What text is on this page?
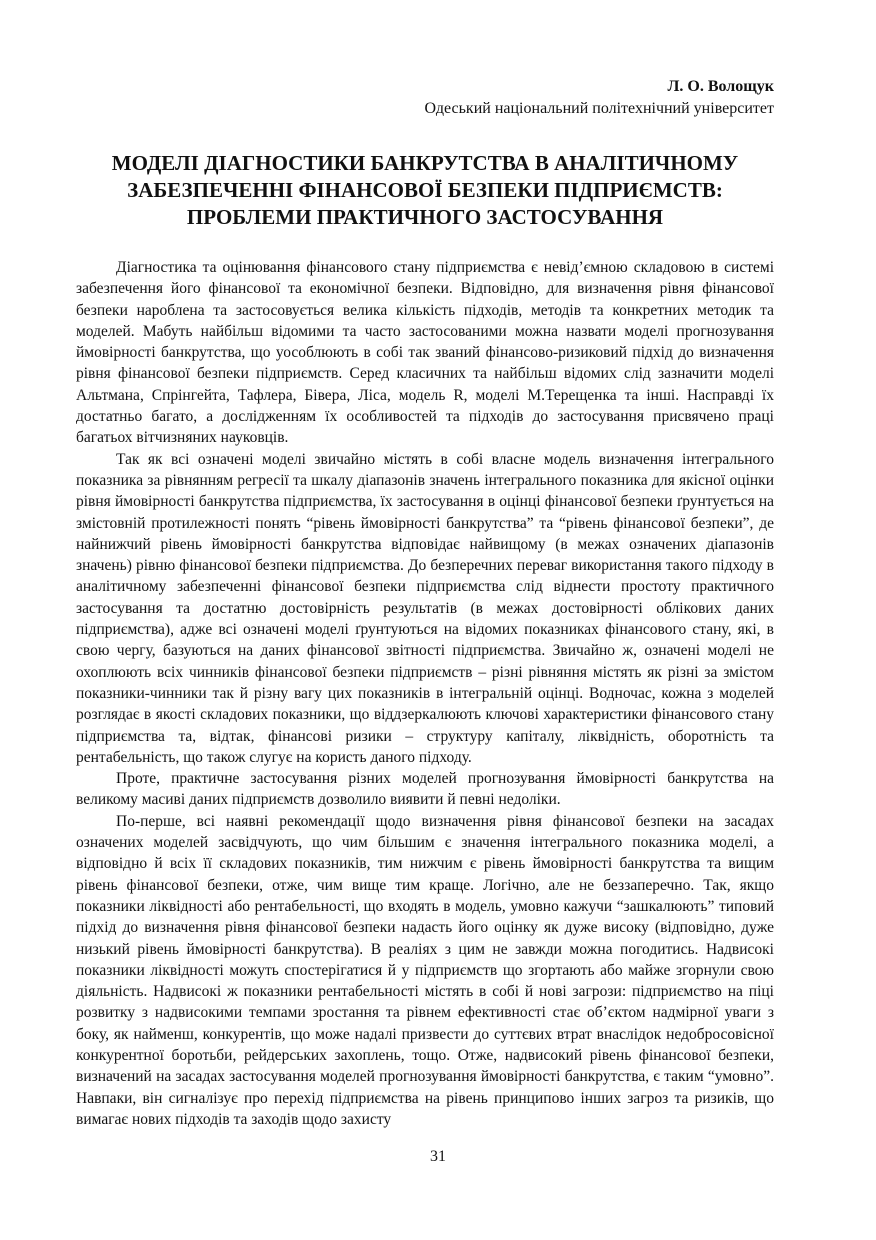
Л. О. Волощук

Одеський національний політехнічний університет

МОДЕЛІ ДІАГНОСТИКИ БАНКРУТСТВА В АНАЛІТИЧНОМУ ЗАБЕЗПЕЧЕННІ ФІНАНСОВОЇ БЕЗПЕКИ ПІДПРИЄМСТВ: ПРОБЛЕМИ ПРАКТИЧНОГО ЗАСТОСУВАННЯ

Діагностика та оцінювання фінансового стану підприємства є невід’ємною складовою в системі забезпечення його фінансової та економічної безпеки. Відповідно, для визначення рівня фінансової безпеки нароблена та застосовується велика кількість підходів, методів та конкретних методик та моделей. Мабуть найбільш відомими та часто застосованими можна назвати моделі прогнозування ймовірності банкрутства, що уособлюють в собі так званий фінансово-ризиковий підхід до визначення рівня фінансової безпеки підприємств. Серед класичних та найбільш відомих слід зазначити моделі Альтмана, Спрінгейта, Тафлера, Бівера, Ліса, модель R, моделі М.Терещенка та інші. Насправді їх достатньо багато, а дослідженням їх особливостей та підходів до застосування присвячено праці багатьох вітчизняних науковців.

Так як всі означені моделі звичайно містять в собі власне модель визначення інтегрального показника за рівнянням регресії та шкалу діапазонів значень інтегрального показника для якісної оцінки рівня ймовірності банкрутства підприємства, їх застосування в оцінці фінансової безпеки ґрунтується на змістовній протилежності понять “рівень ймовірності банкрутства” та “рівень фінансової безпеки”, де найнижчий рівень ймовірності банкрутства відповідає найвищому (в межах означених діапазонів значень) рівню фінансової безпеки підприємства. До безперечних переваг використання такого підходу в аналітичному забезпеченні фінансової безпеки підприємства слід віднести простоту практичного застосування та достатню достовірність результатів (в межах достовірності облікових даних підприємства), адже всі означені моделі ґрунтуються на відомих показниках фінансового стану, які, в свою чергу, базуються на даних фінансової звітності підприємства. Звичайно ж, означені моделі не охоплюють всіх чинників фінансової безпеки підприємств – різні рівняння містять як різні за змістом показники-чинники так й різну вагу цих показників в інтегральній оцінці. Водночас, кожна з моделей розглядає в якості складових показники, що віддзеркалюють ключові характеристики фінансового стану підприємства та, відтак, фінансові ризики – структуру капіталу, ліквідність, оборотність та рентабельність, що також слугує на користь даного підходу.

Проте, практичне застосування різних моделей прогнозування ймовірності банкрутства на великому масиві даних підприємств дозволило виявити й певні недоліки.

По-перше, всі наявні рекомендації щодо визначення рівня фінансової безпеки на засадах означених моделей засвідчують, що чим більшим є значення інтегрального показника моделі, а відповідно й всіх її складових показників, тим нижчим є рівень ймовірності банкрутства та вищим рівень фінансової безпеки, отже, чим вище тим краще. Логічно, але не беззаперечно. Так, якщо показники ліквідності або рентабельності, що входять в модель, умовно кажучи “зашкалюють” типовий підхід до визначення рівня фінансової безпеки надасть його оцінку як дуже високу (відповідно, дуже низький рівень ймовірності банкрутства). В реаліях з цим не завжди можна погодитись. Надвисокі показники ліквідності можуть спостерігатися й у підприємств що згортають або майже згорнули свою діяльність. Надвисокі ж показники рентабельності містять в собі й нові загрози: підприємство на піці розвитку з надвисокими темпами зростання та рівнем ефективності стає об’єктом надмірної уваги з боку, як найменш, конкурентів, що може надалі призвести до суттєвих втрат внаслідок недобросовісної конкурентної боротьби, рейдерських захоплень, тощо. Отже, надвисокий рівень фінансової безпеки, визначений на засадах застосування моделей прогнозування ймовірності банкрутства, є таким “умовно”. Навпаки, він сигналізує про перехід підприємства на рівень принципово інших загроз та ризиків, що вимагає нових підходів та заходів щодо захисту

31
